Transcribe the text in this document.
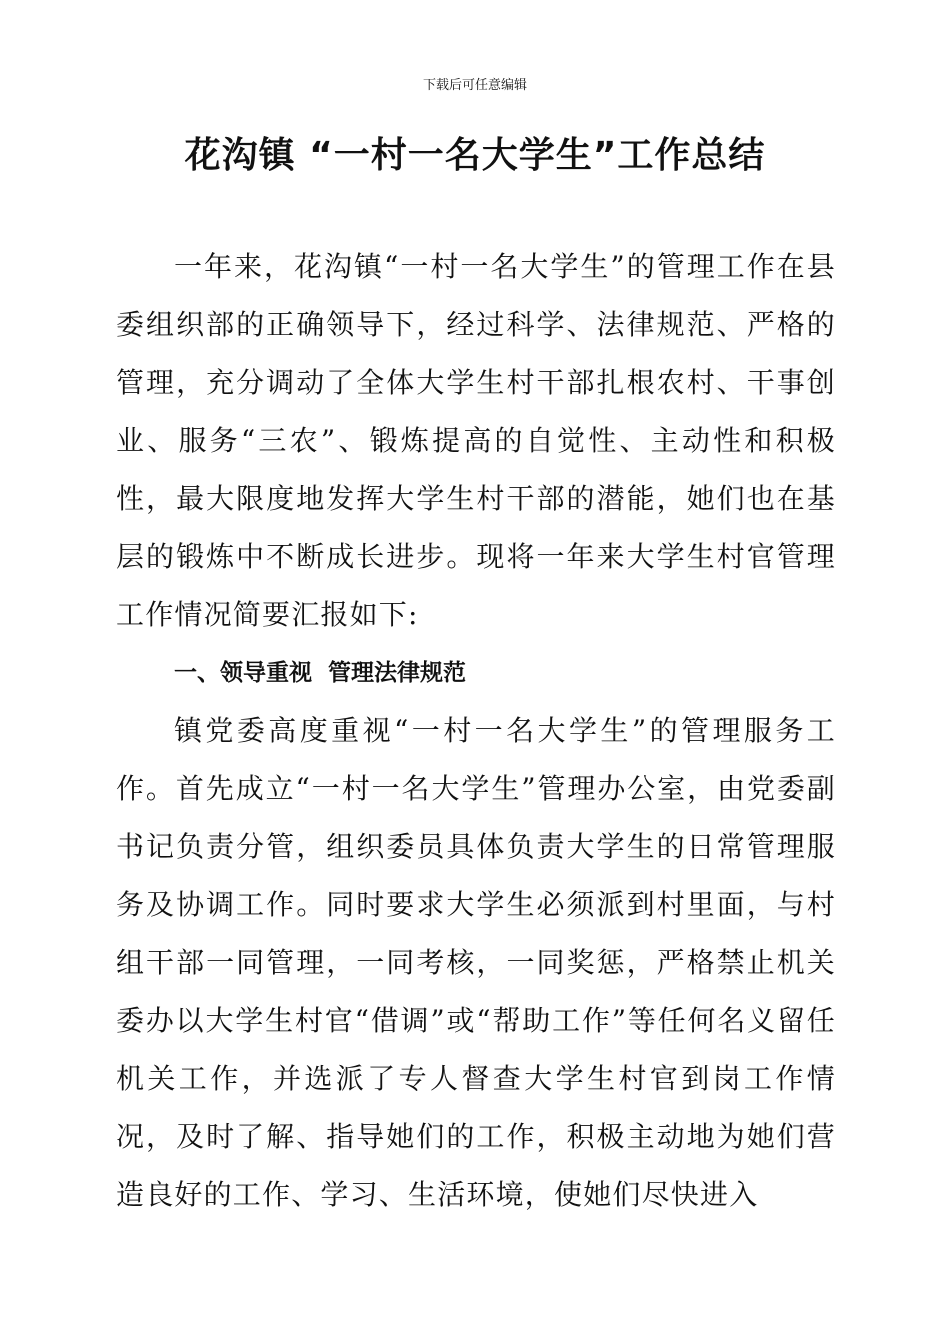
下载后可任意编辑
花沟镇 “一村一名大学生”工作总结

一年来，花沟镇“一村一名大学生”的管理工作在县委组织部的正确领导下，经过科学、法律规范、严格的管理，充分调动了全体大学生村干部扎根农村、干事创业、服务“三农”、锻炼提高的自觉性、主动性和积极性，最大限度地发挥大学生村干部的潜能，她们也在基层的锻炼中不断成长进步。现将一年来大学生村官管理工作情况简要汇报如下:

一、领导重视  管理法律规范

镇党委高度重视“一村一名大学生”的管理服务工作。首先成立“一村一名大学生”管理办公室，由党委副书记负责分管，组织委员具体负责大学生的日常管理服务及协调工作。同时要求大学生必须派到村里面，与村组干部一同管理，一同考核，一同奖惩，严格禁止机关委办以大学生村官“借调”或“帮助工作”等任何名义留任机关工作，并选派了专人督查大学生村官到岗工作情况，及时了解、指导她们的工作，积极主动地为她们营造良好的工作、学习、生活环境，使她们尽快进入
